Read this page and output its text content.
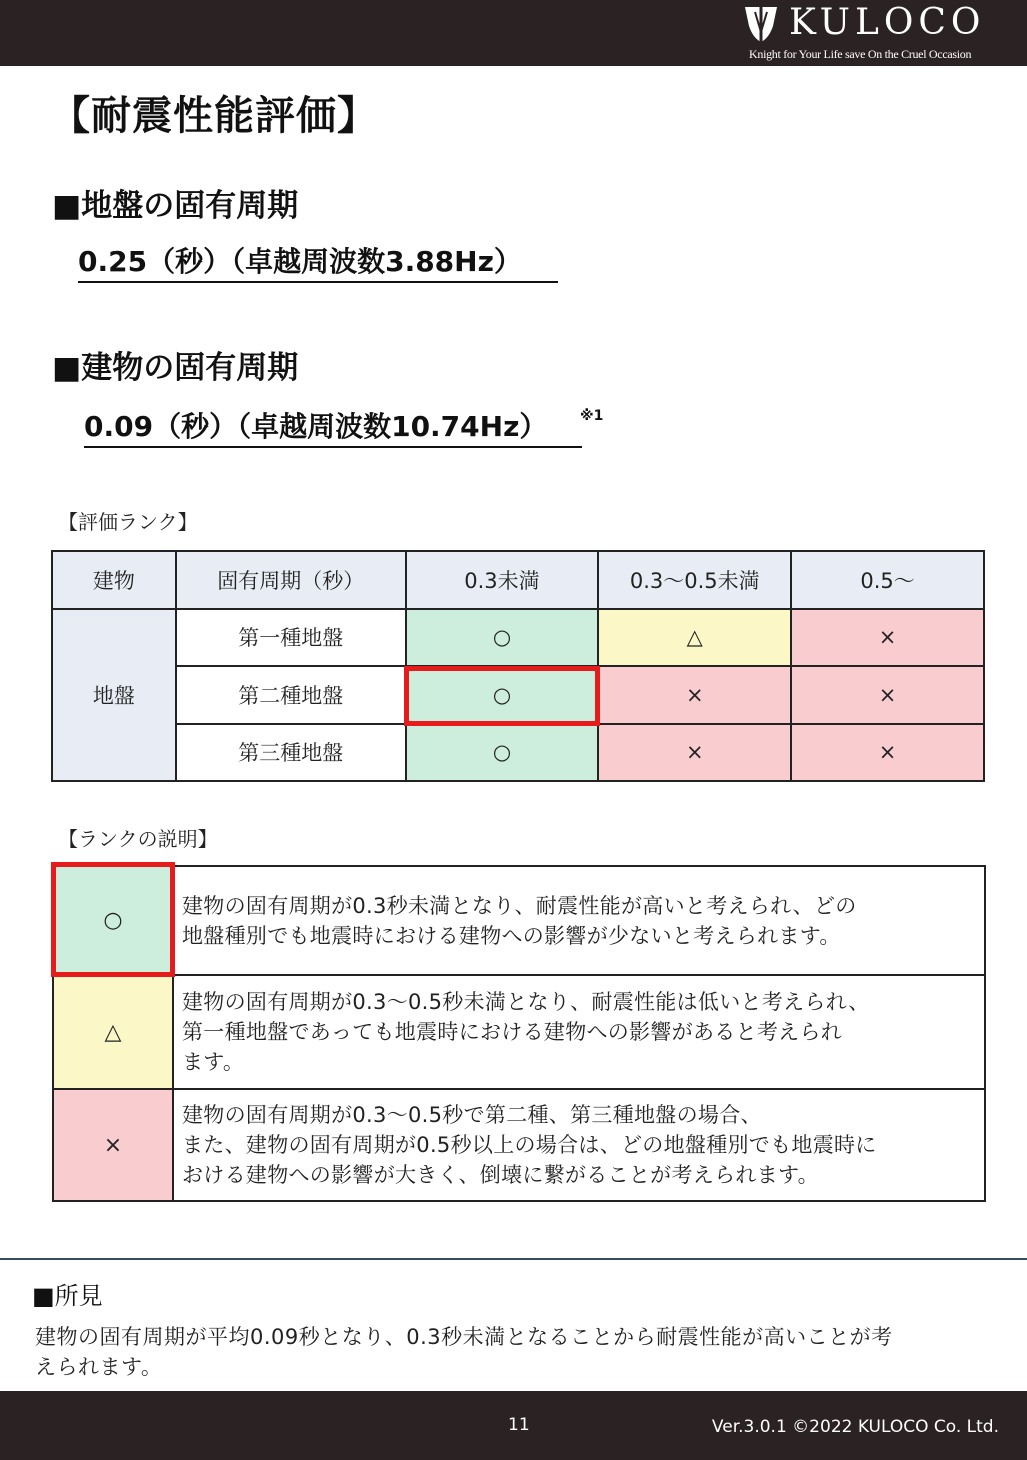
KULOCO
Knight for Your Life save On the Cruel Occasion
【耐震性能評価】
■地盤の固有周期
0.25（秒）（卓越周波数3.88Hz）
■建物の固有周期
0.09（秒）（卓越周波数10.74Hz）	※1
【評価ランク】
建物	固有周期（秒）	0.3未満	0.3〜0.5未満	0.5〜
地盤	第一種地盤	○	△	×
	第二種地盤	○	×	×
	第三種地盤	○	×	×
【ランクの説明】
○	建物の固有周期が0.3秒未満となり、耐震性能が高いと考えられ、どの
地盤種別でも地震時における建物への影響が少ないと考えられます。

△	建物の固有周期が0.3〜0.5秒未満となり、耐震性能は低いと考えられ、
第一種地盤であっても地震時における建物への影響があると考えられ
ます。

×	建物の固有周期が0.3〜0.5秒で第二種、第三種地盤の場合、
また、建物の固有周期が0.5秒以上の場合は、どの地盤種別でも地震時に
おける建物への影響が大きく、倒壊に繋がることが考えられます。
■所見
建物の固有周期が平均0.09秒となり、0.3秒未満となることから耐震性能が高いことが考
えられます。
11	Ver.3.0.1 ©2022 KULOCO Co. Ltd.
